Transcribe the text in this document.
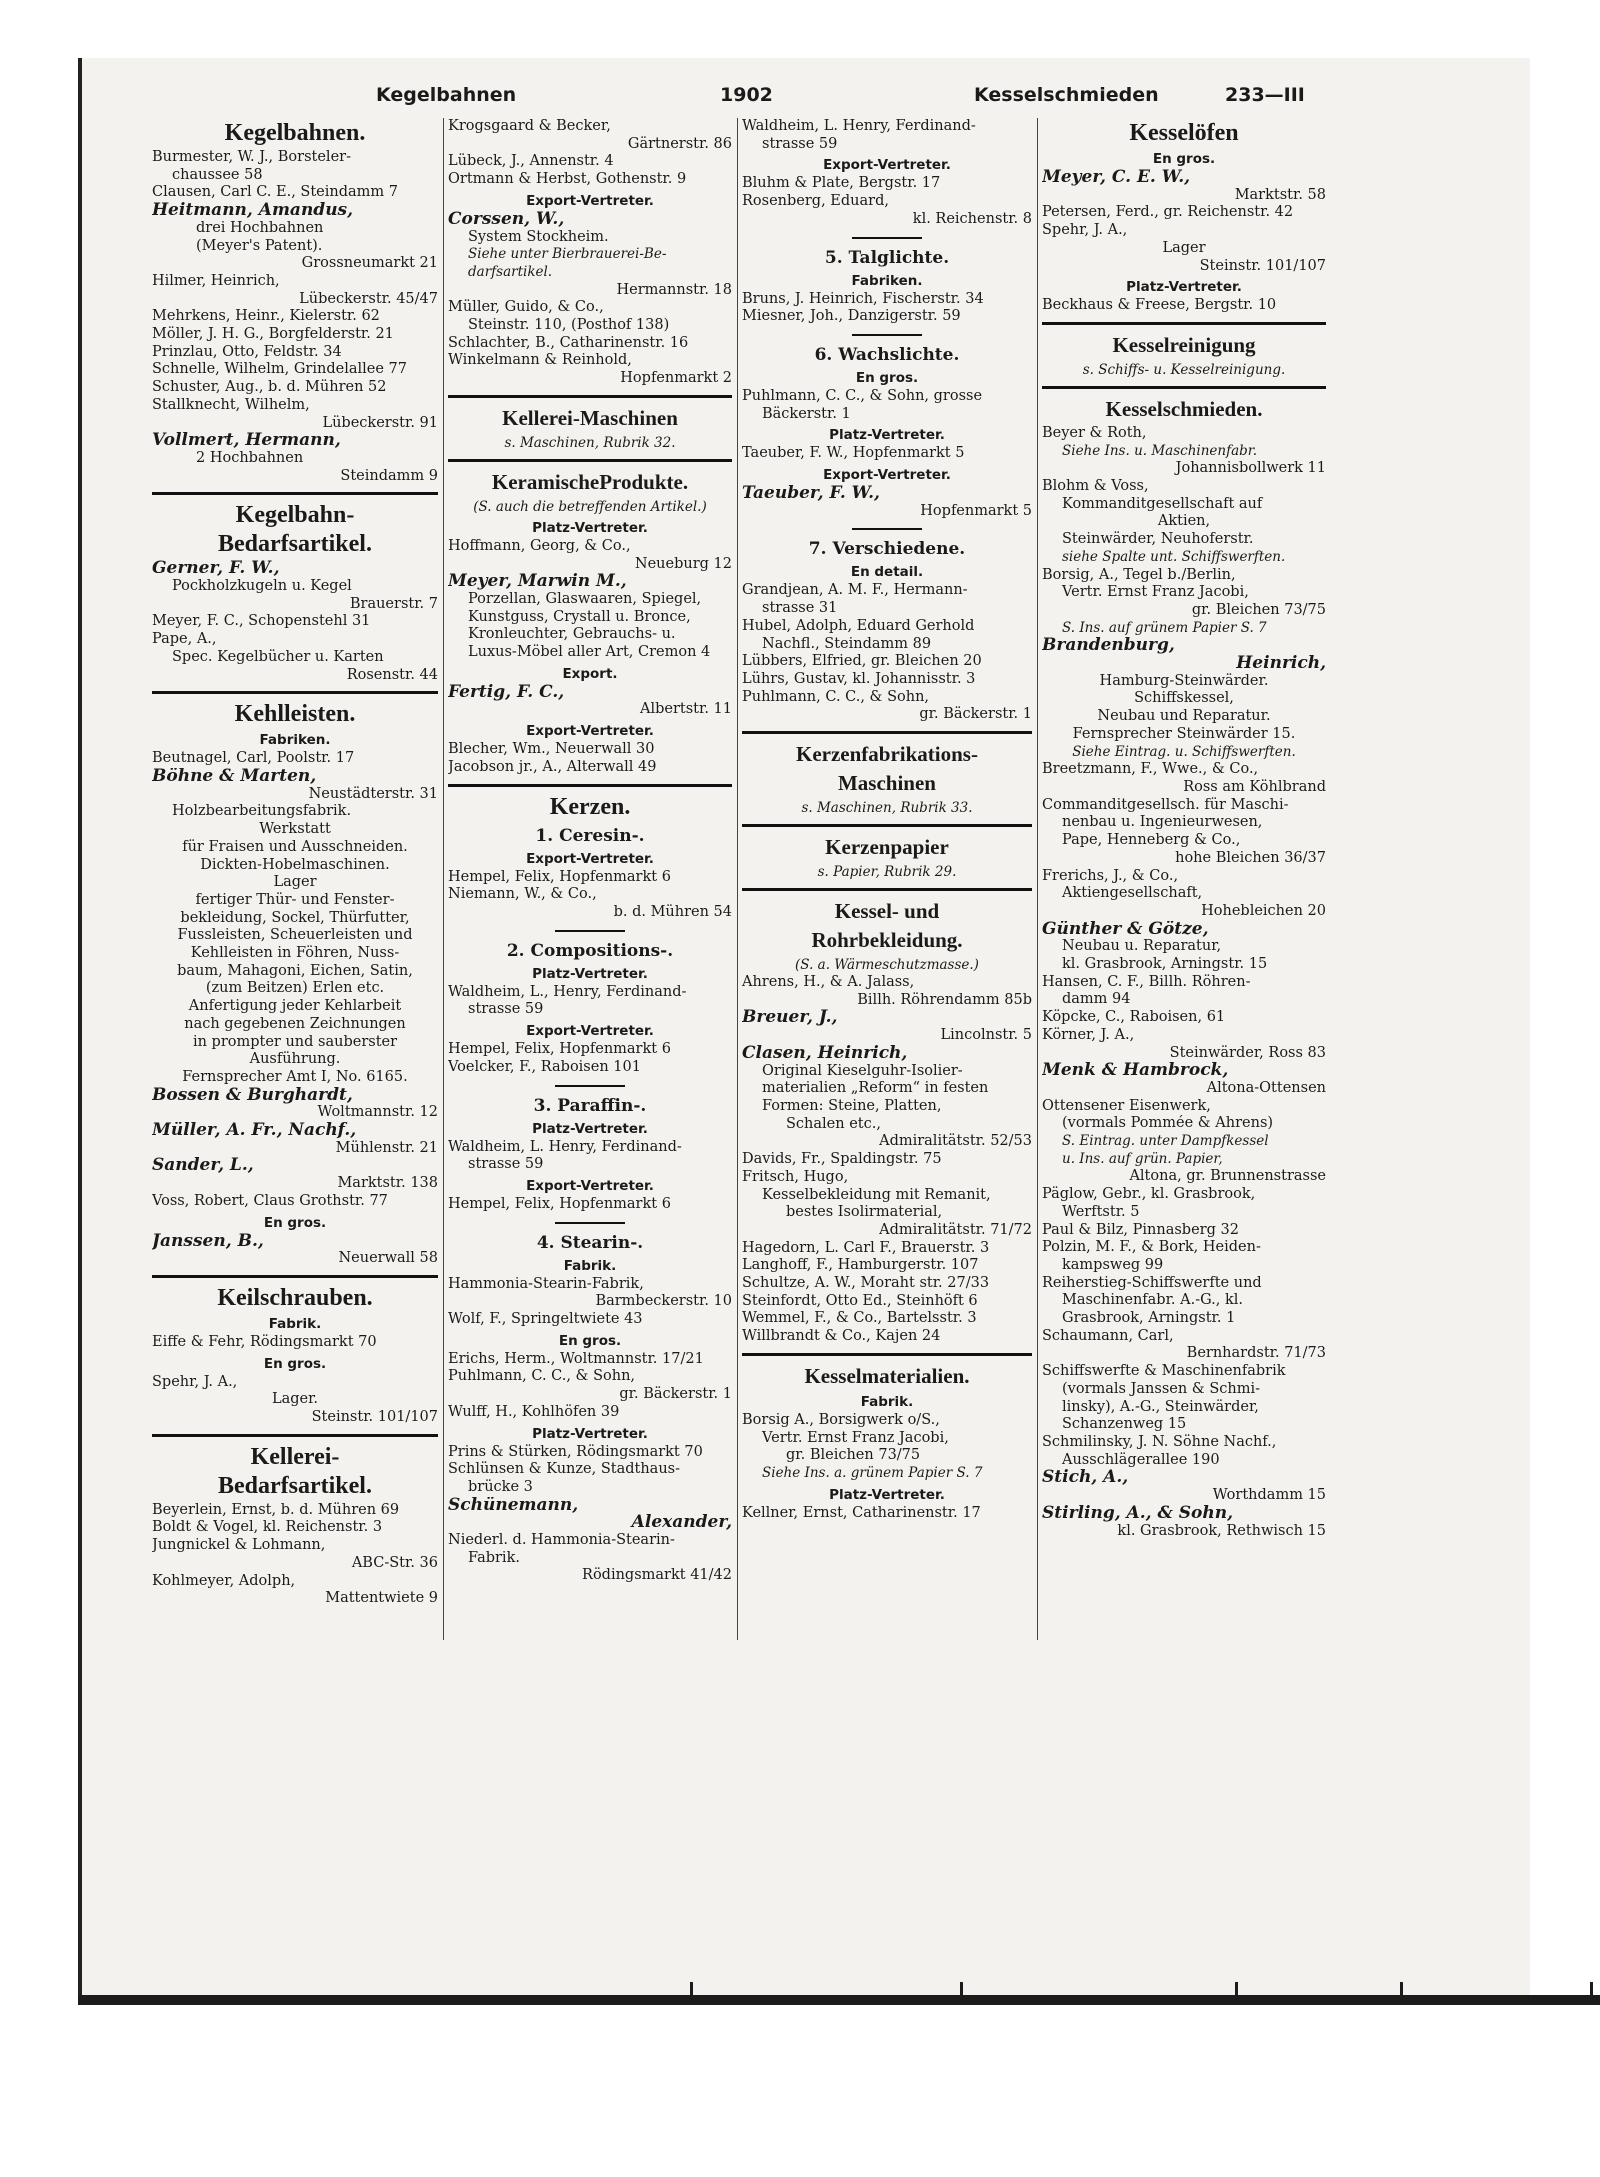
Kegelbahnen	1902	Kesselschmieden	233—III
Kegelbahnen.
Burmester, W. J., Borsteler-
chaussee 58
Clausen, Carl C. E., Steindamm 7
Heitmann, Amandus,
drei Hochbahnen
(Meyer's Patent).
Grossneumarkt 21

Hilmer, Heinrich,
Lübeckerstr. 45/47

Mehrkens, Heinr., Kielerstr. 62
Möller, J. H. G., Borgfelderstr. 21
Prinzlau, Otto, Feldstr. 34
Schnelle, Wilhelm, Grindelallee 77
Schuster, Aug., b. d. Mühren 52
Stallknecht, Wilhelm,
Lübeckerstr. 91

Vollmert, Hermann,
2 Hochbahnen
Steindamm 9

Kegelbahn-
Bedarfsartikel.
Gerner, F. W.,
Pockholzkugeln u. Kegel
Brauerstr. 7

Meyer, F. C., Schopenstehl 31
Pape, A.,
Spec. Kegelbücher u. Karten
Rosenstr. 44

Kehlleisten.
Fabriken.
Beutnagel, Carl, Poolstr. 17
Böhne & Marten,
Neustädterstr. 31

Holzbearbeitungsfabrik.
Werkstatt
für Fraisen und Ausschneiden.
Dickten-Hobelmaschinen.
Lager
fertiger Thür- und Fenster-
bekleidung, Sockel, Thürfutter,
Fussleisten, Scheuerleisten und
Kehlleisten in Föhren, Nuss-
baum, Mahagoni, Eichen, Satin,
(zum Beitzen) Erlen etc.
Anfertigung jeder Kehlarbeit
nach gegebenen Zeichnungen
in prompter und sauberster
Ausführung.
Fernsprecher Amt I, No. 6165.
Bossen & Burghardt,
Woltmannstr. 12

Müller, A. Fr., Nachf.,
Mühlenstr. 21

Sander, L.,
Marktstr. 138

Voss, Robert, Claus Grothstr. 77
En gros.
Janssen, B.,
Neuerwall 58

Keilschrauben.
Fabrik.
Eiffe & Fehr, Rödingsmarkt 70
En gros.
Spehr, J. A.,
Lager.
Steinstr. 101/107

Kellerei-
Bedarfsartikel.
Beyerlein, Ernst, b. d. Mühren 69
Boldt & Vogel, kl. Reichenstr. 3
Jungnickel & Lohmann,
ABC-Str. 36

Kohlmeyer, Adolph,
Mattentwiete 9

Krogsgaard & Becker,
Gärtnerstr. 86

Lübeck, J., Annenstr. 4
Ortmann & Herbst, Gothenstr. 9
Export-Vertreter.
Corssen, W.,
System Stockheim.
Siehe unter Bierbrauerei-Be-
darfsartikel.
Hermannstr. 18

Müller, Guido, & Co.,
Steinstr. 110, (Posthof 138)
Schlachter, B., Catharinenstr. 16
Winkelmann & Reinhold,
Hopfenmarkt 2

Kellerei-Maschinen
s. Maschinen, Rubrik 32.
KeramischeProdukte.
(S. auch die betreffenden Artikel.)
Platz-Vertreter.
Hoffmann, Georg, & Co.,
Neueburg 12

Meyer, Marwin M.,
Porzellan, Glaswaaren, Spiegel,
Kunstguss, Crystall u. Bronce,
Kronleuchter, Gebrauchs- u.
Luxus-Möbel aller Art, Cremon 4
Export.
Fertig, F. C.,
Albertstr. 11

Export-Vertreter.
Blecher, Wm., Neuerwall 30
Jacobson jr., A., Alterwall 49
Kerzen.
1. Ceresin-.
Export-Vertreter.
Hempel, Felix, Hopfenmarkt 6
Niemann, W., & Co.,
b. d. Mühren 54

2. Compositions-.
Platz-Vertreter.
Waldheim, L., Henry, Ferdinand-
strasse 59
Export-Vertreter.
Hempel, Felix, Hopfenmarkt 6
Voelcker, F., Raboisen 101
3. Paraffin-.
Platz-Vertreter.
Waldheim, L. Henry, Ferdinand-
strasse 59
Export-Vertreter.
Hempel, Felix, Hopfenmarkt 6
4. Stearin-.
Fabrik.
Hammonia-Stearin-Fabrik,
Barmbeckerstr. 10

Wolf, F., Springeltwiete 43
En gros.
Erichs, Herm., Woltmannstr. 17/21
Puhlmann, C. C., & Sohn,
gr. Bäckerstr. 1

Wulff, H., Kohlhöfen 39
Platz-Vertreter.
Prins & Stürken, Rödingsmarkt 70
Schlünsen & Kunze, Stadthaus-
brücke 3
Schünemann,
Alexander,

Niederl. d. Hammonia-Stearin-
Fabrik.
Rödingsmarkt 41/42

Waldheim, L. Henry, Ferdinand-
strasse 59
Export-Vertreter.
Bluhm & Plate, Bergstr. 17
Rosenberg, Eduard,
kl. Reichenstr. 8

5. Talglichte.
Fabriken.
Bruns, J. Heinrich, Fischerstr. 34
Miesner, Joh., Danzigerstr. 59
6. Wachslichte.
En gros.
Puhlmann, C. C., & Sohn, grosse
Bäckerstr. 1
Platz-Vertreter.
Taeuber, F. W., Hopfenmarkt 5
Export-Vertreter.
Taeuber, F. W.,
Hopfenmarkt 5

7. Verschiedene.
En detail.
Grandjean, A. M. F., Hermann-
strasse 31
Hubel, Adolph, Eduard Gerhold
Nachfl., Steindamm 89
Lübbers, Elfried, gr. Bleichen 20
Lührs, Gustav, kl. Johannisstr. 3
Puhlmann, C. C., & Sohn,
gr. Bäckerstr. 1

Kerzenfabrikations-
Maschinen
s. Maschinen, Rubrik 33.
Kerzenpapier
s. Papier, Rubrik 29.
Kessel- und
Rohrbekleidung.
(S. a. Wärmeschutzmasse.)
Ahrens, H., & A. Jalass,
Billh. Röhrendamm 85b

Breuer, J.,
Lincolnstr. 5

Clasen, Heinrich,
Original Kieselguhr-Isolier-
materialien „Reform“ in festen
Formen: Steine, Platten,
Schalen etc.,
Admiralitätstr. 52/53

Davids, Fr., Spaldingstr. 75
Fritsch, Hugo,
Kesselbekleidung mit Remanit,
bestes Isolirmaterial,
Admiralitätstr. 71/72

Hagedorn, L. Carl F., Brauerstr. 3
Langhoff, F., Hamburgerstr. 107
Schultze, A. W., Moraht str. 27/33
Steinfordt, Otto Ed., Steinhöft 6
Wemmel, F., & Co., Bartelsstr. 3
Willbrandt & Co., Kajen 24
Kesselmaterialien.
Fabrik.
Borsig A., Borsigwerk o/S.,
Vertr. Ernst Franz Jacobi,
gr. Bleichen 73/75
Siehe Ins. a. grünem Papier S. 7
Platz-Vertreter.
Kellner, Ernst, Catharinenstr. 17
Kesselöfen
En gros.
Meyer, C. E. W.,
Marktstr. 58

Petersen, Ferd., gr. Reichenstr. 42
Spehr, J. A.,
Lager
Steinstr. 101/107

Platz-Vertreter.
Beckhaus & Freese, Bergstr. 10
Kesselreinigung
s. Schiffs- u. Kesselreinigung.
Kesselschmieden.
Beyer & Roth,
Siehe Ins. u. Maschinenfabr.
Johannisbollwerk 11

Blohm & Voss,
Kommanditgesellschaft auf
Aktien,
Steinwärder, Neuhoferstr.
siehe Spalte unt. Schiffswerften.
Borsig, A., Tegel b./Berlin,
Vertr. Ernst Franz Jacobi,
gr. Bleichen 73/75

S. Ins. auf grünem Papier S. 7
Brandenburg,
Heinrich,

Hamburg-Steinwärder.
Schiffskessel,
Neubau und Reparatur.
Fernsprecher Steinwärder 15.
Siehe Eintrag. u. Schiffswerften.
Breetzmann, F., Wwe., & Co.,
Ross am Köhlbrand

Commanditgesellsch. für Maschi-
nenbau u. Ingenieurwesen,
Pape, Henneberg & Co.,
hohe Bleichen 36/37

Frerichs, J., & Co.,
Aktiengesellschaft,
Hohebleichen 20

Günther & Götze,
Neubau u. Reparatur,
kl. Grasbrook, Arningstr. 15
Hansen, C. F., Billh. Röhren-
damm 94
Köpcke, C., Raboisen, 61
Körner, J. A.,
Steinwärder, Ross 83

Menk & Hambrock,
Altona-Ottensen

Ottensener Eisenwerk,
(vormals Pommée & Ahrens)
S. Eintrag. unter Dampfkessel
u. Ins. auf grün. Papier,
Altona, gr. Brunnenstrasse

Päglow, Gebr., kl. Grasbrook,
Werftstr. 5
Paul & Bilz, Pinnasberg 32
Polzin, M. F., & Bork, Heiden-
kampsweg 99
Reiherstieg-Schiffswerfte und
Maschinenfabr. A.-G., kl.
Grasbrook, Arningstr. 1
Schaumann, Carl,
Bernhardstr. 71/73

Schiffswerfte & Maschinenfabrik
(vormals Janssen & Schmi-
linsky), A.-G., Steinwärder,
Schanzenweg 15
Schmilinsky, J. N. Söhne Nachf.,
Ausschlägerallee 190
Stich, A.,
Worthdamm 15

Stirling, A., & Sohn,
kl. Grasbrook, Rethwisch 15
